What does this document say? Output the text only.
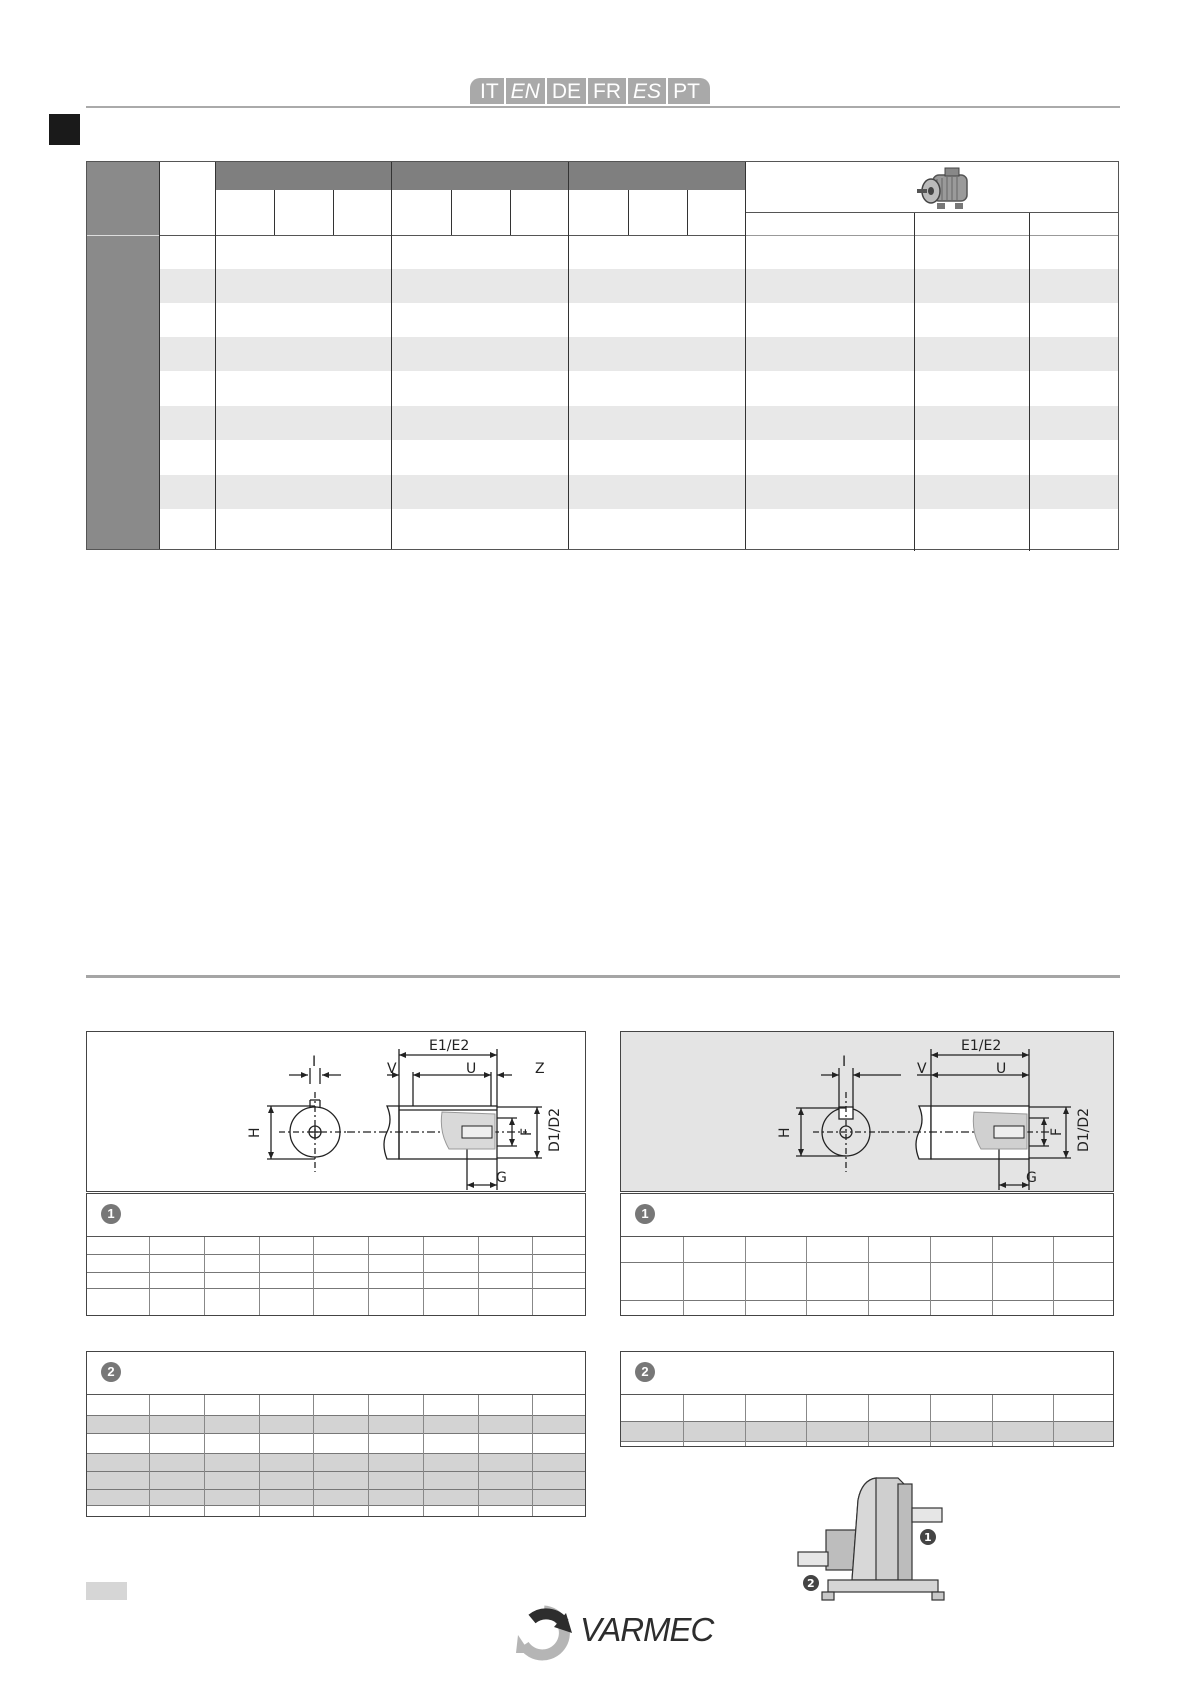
IT EN DE FR ES PT
I
H
E1/E2
V	U	Z
F D1/D2
G
I
H
E1/E2
V	U
F D1/D2
G
1	1
2	2
1
2
VARMEC
